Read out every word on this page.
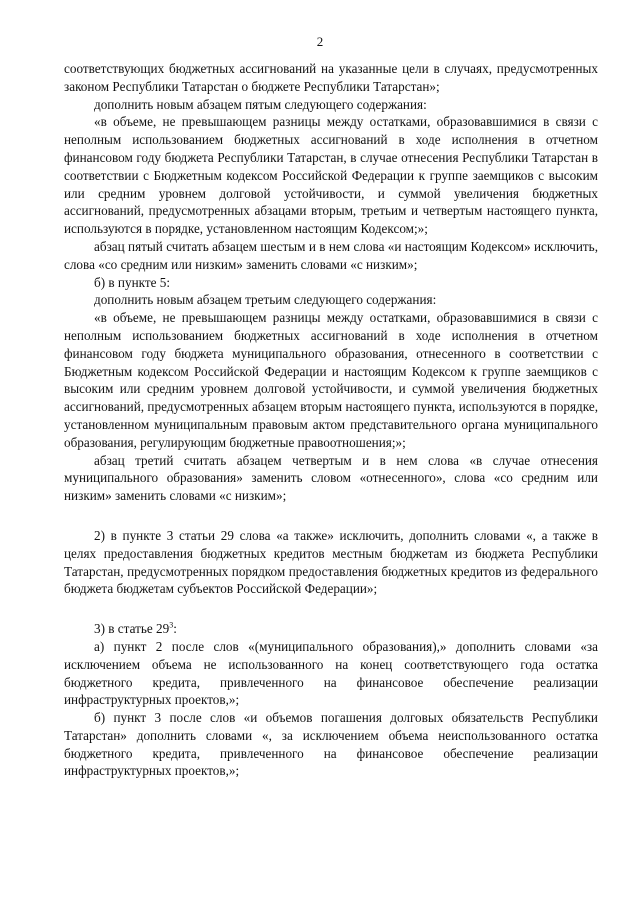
2

соответствующих бюджетных ассигнований на указанные цели в случаях, предусмотренных законом Республики Татарстан о бюджете Республики Татарстан»;

дополнить новым абзацем пятым следующего содержания:

«в объеме, не превышающем разницы между остатками, образовавшимися в связи с неполным использованием бюджетных ассигнований в ходе исполнения в отчетном финансовом году бюджета Республики Татарстан, в случае отнесения Республики Татарстан в соответствии с Бюджетным кодексом Российской Федерации к группе заемщиков с высоким или средним уровнем долговой устойчивости, и суммой увеличения бюджетных ассигнований, предусмотренных абзацами вторым, третьим и четвертым настоящего пункта, используются в порядке, установленном настоящим Кодексом;»;

абзац пятый считать абзацем шестым и в нем слова «и настоящим Кодексом» исключить, слова «со средним или низким» заменить словами «с низким»;

б) в пункте 5:

дополнить новым абзацем третьим следующего содержания:

«в объеме, не превышающем разницы между остатками, образовавшимися в связи с неполным использованием бюджетных ассигнований в ходе исполнения в отчетном финансовом году бюджета муниципального образования, отнесенного в соответствии с Бюджетным кодексом Российской Федерации и настоящим Кодексом к группе заемщиков с высоким или средним уровнем долговой устойчивости, и суммой увеличения бюджетных ассигнований, предусмотренных абзацем вторым настоящего пункта, используются в порядке, установленном муниципальным правовым актом представительного органа муниципального образования, регулирующим бюджетные правоотношения;»;

абзац третий считать абзацем четвертым и в нем слова «в случае отнесения муниципального образования» заменить словом «отнесенного», слова «со средним или низким» заменить словами «с низким»;

2) в пункте 3 статьи 29 слова «а также» исключить, дополнить словами «, а также в целях предоставления бюджетных кредитов местным бюджетам из бюджета Республики Татарстан, предусмотренных порядком предоставления бюджетных кредитов из федерального бюджета бюджетам субъектов Российской Федерации»;

3) в статье $29^3$:

а) пункт 2 после слов «(муниципального образования),» дополнить словами «за исключением объема не использованного на конец соответствующего года остатка бюджетного кредита, привлеченного на финансовое обеспечение реализации инфраструктурных проектов,»;

б) пункт 3 после слов «и объемов погашения долговых обязательств Республики Татарстан» дополнить словами «, за исключением объема неиспользованного остатка бюджетного кредита, привлеченного на финансовое обеспечение реализации инфраструктурных проектов,»;
